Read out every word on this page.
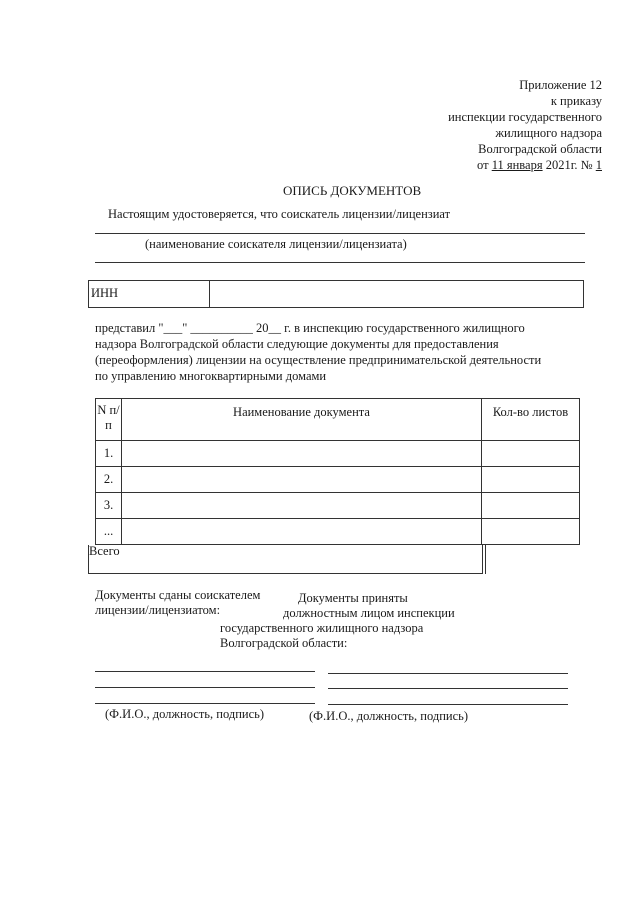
Приложение 12
к приказу
инспекции государственного
жилищного надзора
Волгоградской области
от 11 января 2021г. № 1
ОПИСЬ ДОКУМЕНТОВ
Настоящим удостоверяется, что соискатель лицензии/лицензиат
(наименование соискателя лицензии/лицензиата)
ИНН
представил "___" __________ 20__ г. в инспекцию государственного жилищного
надзора Волгоградской области следующие документы для предоставления
(переоформления) лицензии на осуществление предпринимательской деятельности
по управлению многоквартирными домами
N п/п	Наименование документа	Кол-во листов
1.		
2.		
3.		
...		
Всего
Документы сданы соискателем
лицензии/лицензиатом:
Документы приняты
должностным лицом инспекции
государственного жилищного надзора
Волгоградской области:
(Ф.И.О., должность, подпись)	(Ф.И.О., должность, подпись)
